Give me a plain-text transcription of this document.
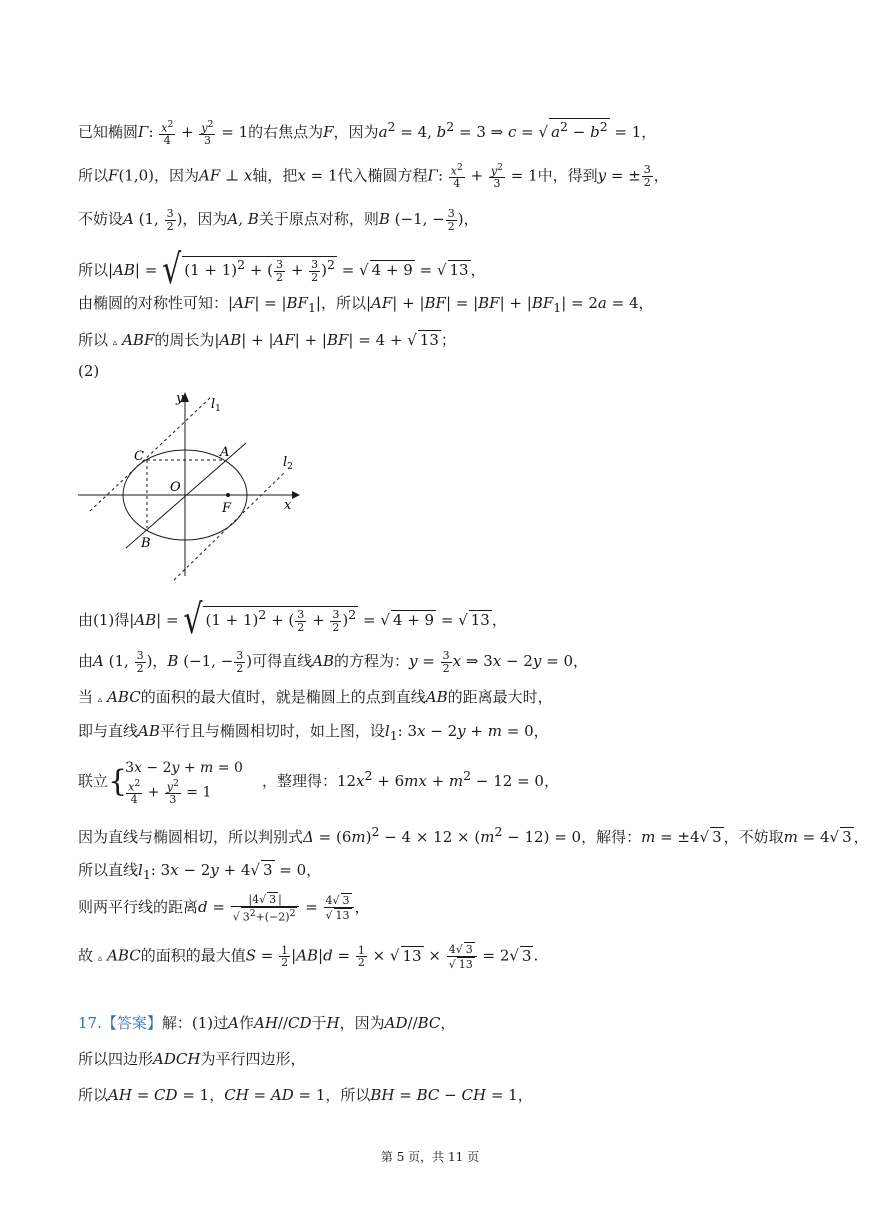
已知椭圆Γ: $\frac{x^2}{4} + \frac{y^2}{3} = 1$的右焦点为F，因为$a^2 = 4$, $b^2 = 3$ ⇒ c = √ $a^2 - b^2 = 1$，
所以F(1,0)，因为AF ⊥ x轴，把x = 1代入椭圆方程Γ: $\frac{x^2}{4} + \frac{y^2}{3} = 1$中，得到y = ± $\frac{3}{2}$ ，
不妨设A (1, $\frac{3}{2}$ )，因为A, B关于原点对称，则B (−1, − $\frac{3}{2}$ )，
所以|AB| = √ $(1 + 1)^2$ + ( $\frac{3}{2} + \frac{3}{2} )^2$ = √ 4 + 9 = √ 13 ，
由椭圆的对称性可知：$|AF| = |BF_1|$，所以$|AF| + |BF| = |BF| + |BF_1| = 2a = 4$，
所以 ▵ ABF的周长为|AB| + |AF| + |BF| = 4 + √ 13 ；
(2)
y
x
O
A
B
C
F
$l_1$
$l_2$
由(1)得|AB| = √ $(1 + 1)^2$ + ( $\frac{3}{2} + \frac{3}{2} )^2$ = √ 4 + 9 = √ 13 ，
由A (1, $\frac{3}{2}$ )，B (−1, − $\frac{3}{2}$ )可得直线AB的方程为：$y = \frac{3}{2}$ x ⇒ 3x − 2y = 0，
当 ▵ ABC的面积的最大值时，就是椭圆上的点到直线AB的距离最大时，
即与直线AB平行且与椭圆相切时，如上图，设$l_1$: 3x − 2y + m = 0，
联立{
3x − 2y + m = 0
$\frac{x^2}{4} + \frac{y^2}{3} = 1$
，整理得：$12x^2 + 6mx + m^2 - 12 = 0$，
因为直线与椭圆相切，所以判别式$\Delta = (6m)^2 - 4 \times 12 \times (m^2 - 12) = 0$，解得：m = ±4√ 3 ，不妨取m = 4√ 3 ，
所以直线$l_1$: 3x − 2y + 4√ 3 = 0，
则两平行线的距离$d = \frac{|4√ 3 |}{√ 3^2+(-2)^2} = \frac{4√ 3}{√ 13}$ ，
故 ▵ ABC的面积的最大值$S = \frac{1}{2} |AB|d = \frac{1}{2}$ × √ $13 \times \frac{4√ 3}{√ 13} = 2√$ 3 .
17.【答案】解：(1)过A作AH//CD于H，因为AD//BC，
所以四边形ADCH为平行四边形，
所以AH = CD = 1，CH = AD = 1，所以BH = BC − CH = 1，
第 5 页，共 11 页
